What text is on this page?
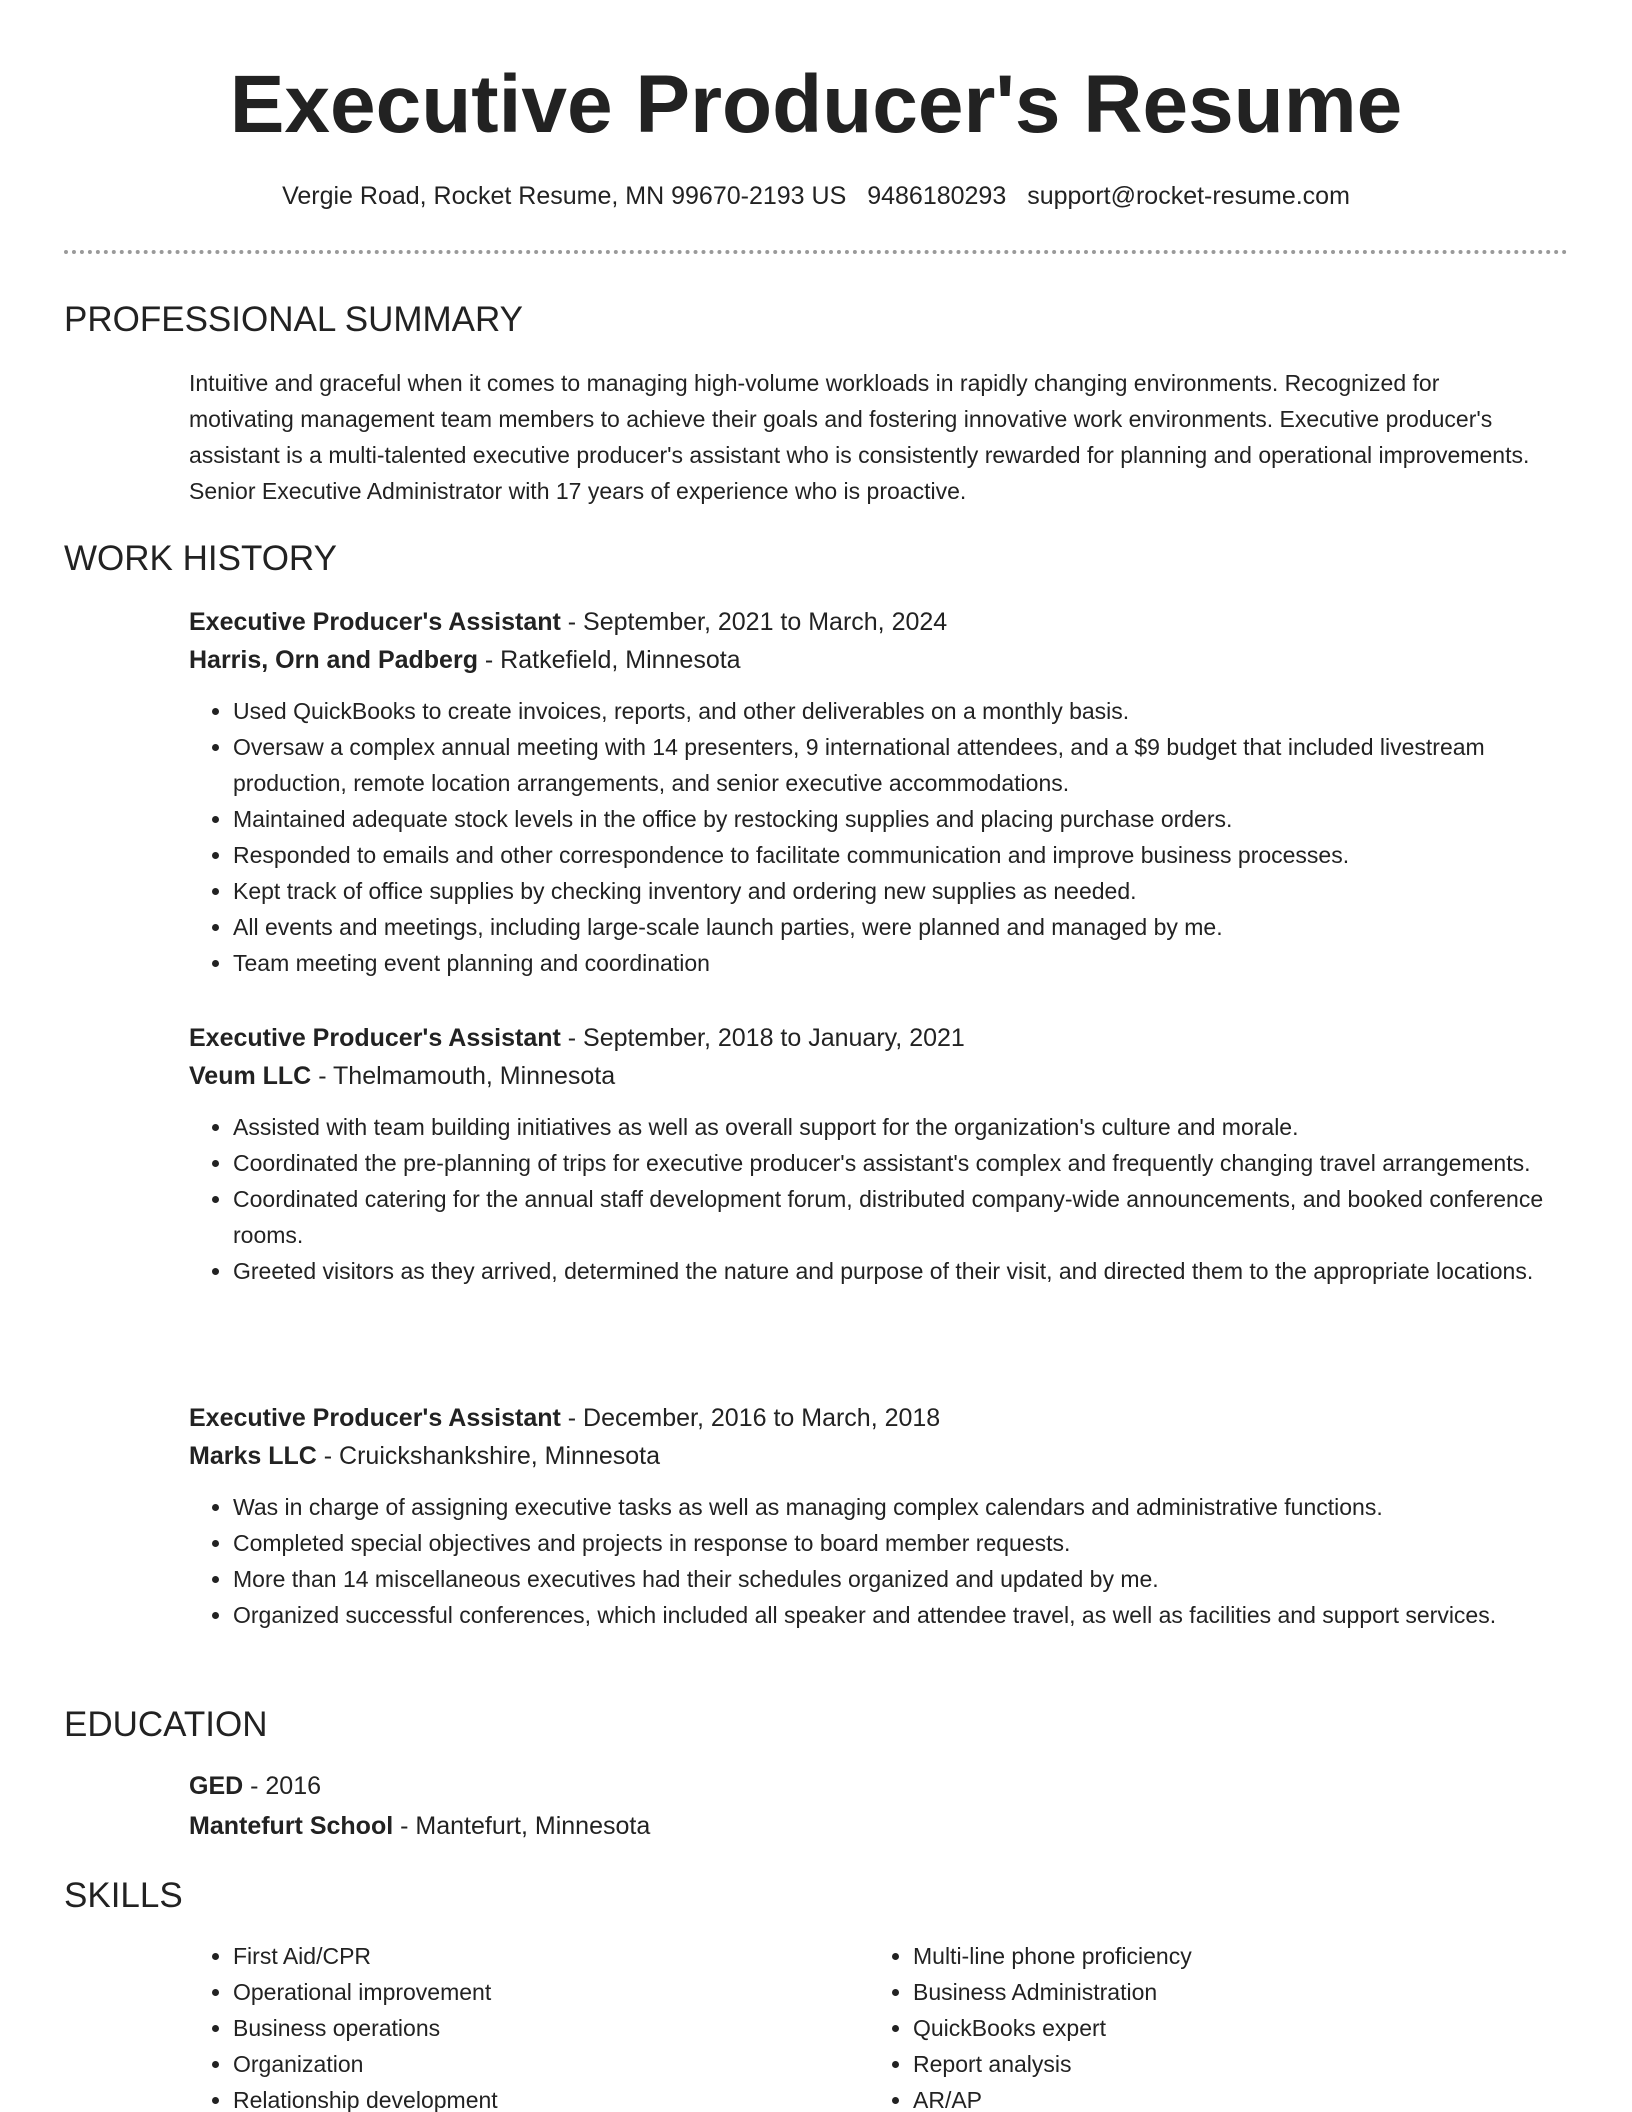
Executive Producer's Resume
Vergie Road, Rocket Resume, MN 99670-2193 US 9486180293 support@rocket-resume.com
PROFESSIONAL SUMMARY

Intuitive and graceful when it comes to managing high-volume workloads in rapidly changing environments. Recognized for motivating management team members to achieve their goals and fostering innovative work environments. Executive producer's assistant is a multi-talented executive producer's assistant who is consistently rewarded for planning and operational improvements. Senior Executive Administrator with 17 years of experience who is proactive.

WORK HISTORY

Executive Producer's Assistant - September, 2021 to March, 2024

Harris, Orn and Padberg - Ratkefield, Minnesota

• Used QuickBooks to create invoices, reports, and other deliverables on a monthly basis.
• Oversaw a complex annual meeting with 14 presenters, 9 international attendees, and a $9 budget that included livestream production, remote location arrangements, and senior executive accommodations.
• Maintained adequate stock levels in the office by restocking supplies and placing purchase orders.
• Responded to emails and other correspondence to facilitate communication and improve business processes.
• Kept track of office supplies by checking inventory and ordering new supplies as needed.
• All events and meetings, including large-scale launch parties, were planned and managed by me.
• Team meeting event planning and coordination

Executive Producer's Assistant - September, 2018 to January, 2021

Veum LLC - Thelmamouth, Minnesota

• Assisted with team building initiatives as well as overall support for the organization's culture and morale.
• Coordinated the pre-planning of trips for executive producer's assistant's complex and frequently changing travel arrangements.
• Coordinated catering for the annual staff development forum, distributed company-wide announcements, and booked conference rooms.
• Greeted visitors as they arrived, determined the nature and purpose of their visit, and directed them to the appropriate locations.

Executive Producer's Assistant - December, 2016 to March, 2018

Marks LLC - Cruickshankshire, Minnesota

• Was in charge of assigning executive tasks as well as managing complex calendars and administrative functions.
• Completed special objectives and projects in response to board member requests.
• More than 14 miscellaneous executives had their schedules organized and updated by me.
• Organized successful conferences, which included all speaker and attendee travel, as well as facilities and support services.
EDUCATION

GED - 2016

Mantefurt School - Mantefurt, Minnesota

SKILLS
• First Aid/CPR
• Operational improvement
• Business operations
• Organization
• Relationship development
• Multi-line phone proficiency
• Business Administration
• QuickBooks expert
• Report analysis
• AR/AP
